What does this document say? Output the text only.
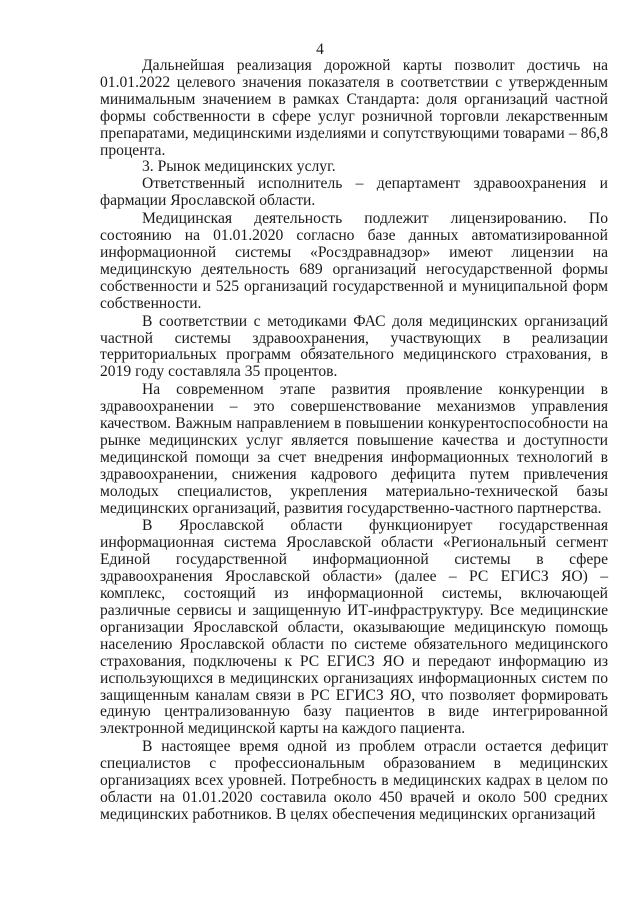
4

Дальнейшая реализация дорожной карты позволит достичь на 01.01.2022 целевого значения показателя в соответствии с утвержденным минимальным значением в рамках Стандарта: доля организаций частной формы собственности в сфере услуг розничной торговли лекарственным препаратами, медицинскими изделиями и сопутствующими товарами – 86,8 процента.

3. Рынок медицинских услуг.

Ответственный исполнитель – департамент здравоохранения и фармации Ярославской области.

Медицинская деятельность подлежит лицензированию. По состоянию на 01.01.2020 согласно базе данных автоматизированной информационной системы «Росздравнадзор» имеют лицензии на медицинскую деятельность 689 организаций негосударственной формы собственности и 525 организаций государственной и муниципальной форм собственности.

В соответствии с методиками ФАС доля медицинских организаций частной системы здравоохранения, участвующих в реализации территориальных программ обязательного медицинского страхования, в 2019 году составляла 35 процентов.

На современном этапе развития проявление конкуренции в здравоохранении – это совершенствование механизмов управления качеством. Важным направлением в повышении конкурентоспособности на рынке медицинских услуг является повышение качества и доступности медицинской помощи за счет внедрения информационных технологий в здравоохранении, снижения кадрового дефицита путем привлечения молодых специалистов, укрепления материально-технической базы медицинских организаций, развития государственно-частного партнерства.

В Ярославской области функционирует государственная информационная система Ярославской области «Региональный сегмент Единой государственной информационной системы в сфере здравоохранения Ярославской области» (далее – РС ЕГИСЗ ЯО) – комплекс, состоящий из информационной системы, включающей различные сервисы и защищенную ИТ-инфраструктуру. Все медицинские организации Ярославской области, оказывающие медицинскую помощь населению Ярославской области по системе обязательного медицинского страхования, подключены к РС ЕГИСЗ ЯО и передают информацию из использующихся в медицинских организациях информационных систем по защищенным каналам связи в РС ЕГИСЗ ЯО, что позволяет формировать единую централизованную базу пациентов в виде интегрированной электронной медицинской карты на каждого пациента.

В настоящее время одной из проблем отрасли остается дефицит специалистов с профессиональным образованием в медицинских организациях всех уровней. Потребность в медицинских кадрах в целом по области на 01.01.2020 составила около 450 врачей и около 500 средних медицинских работников. В целях обеспечения медицинских организаций
